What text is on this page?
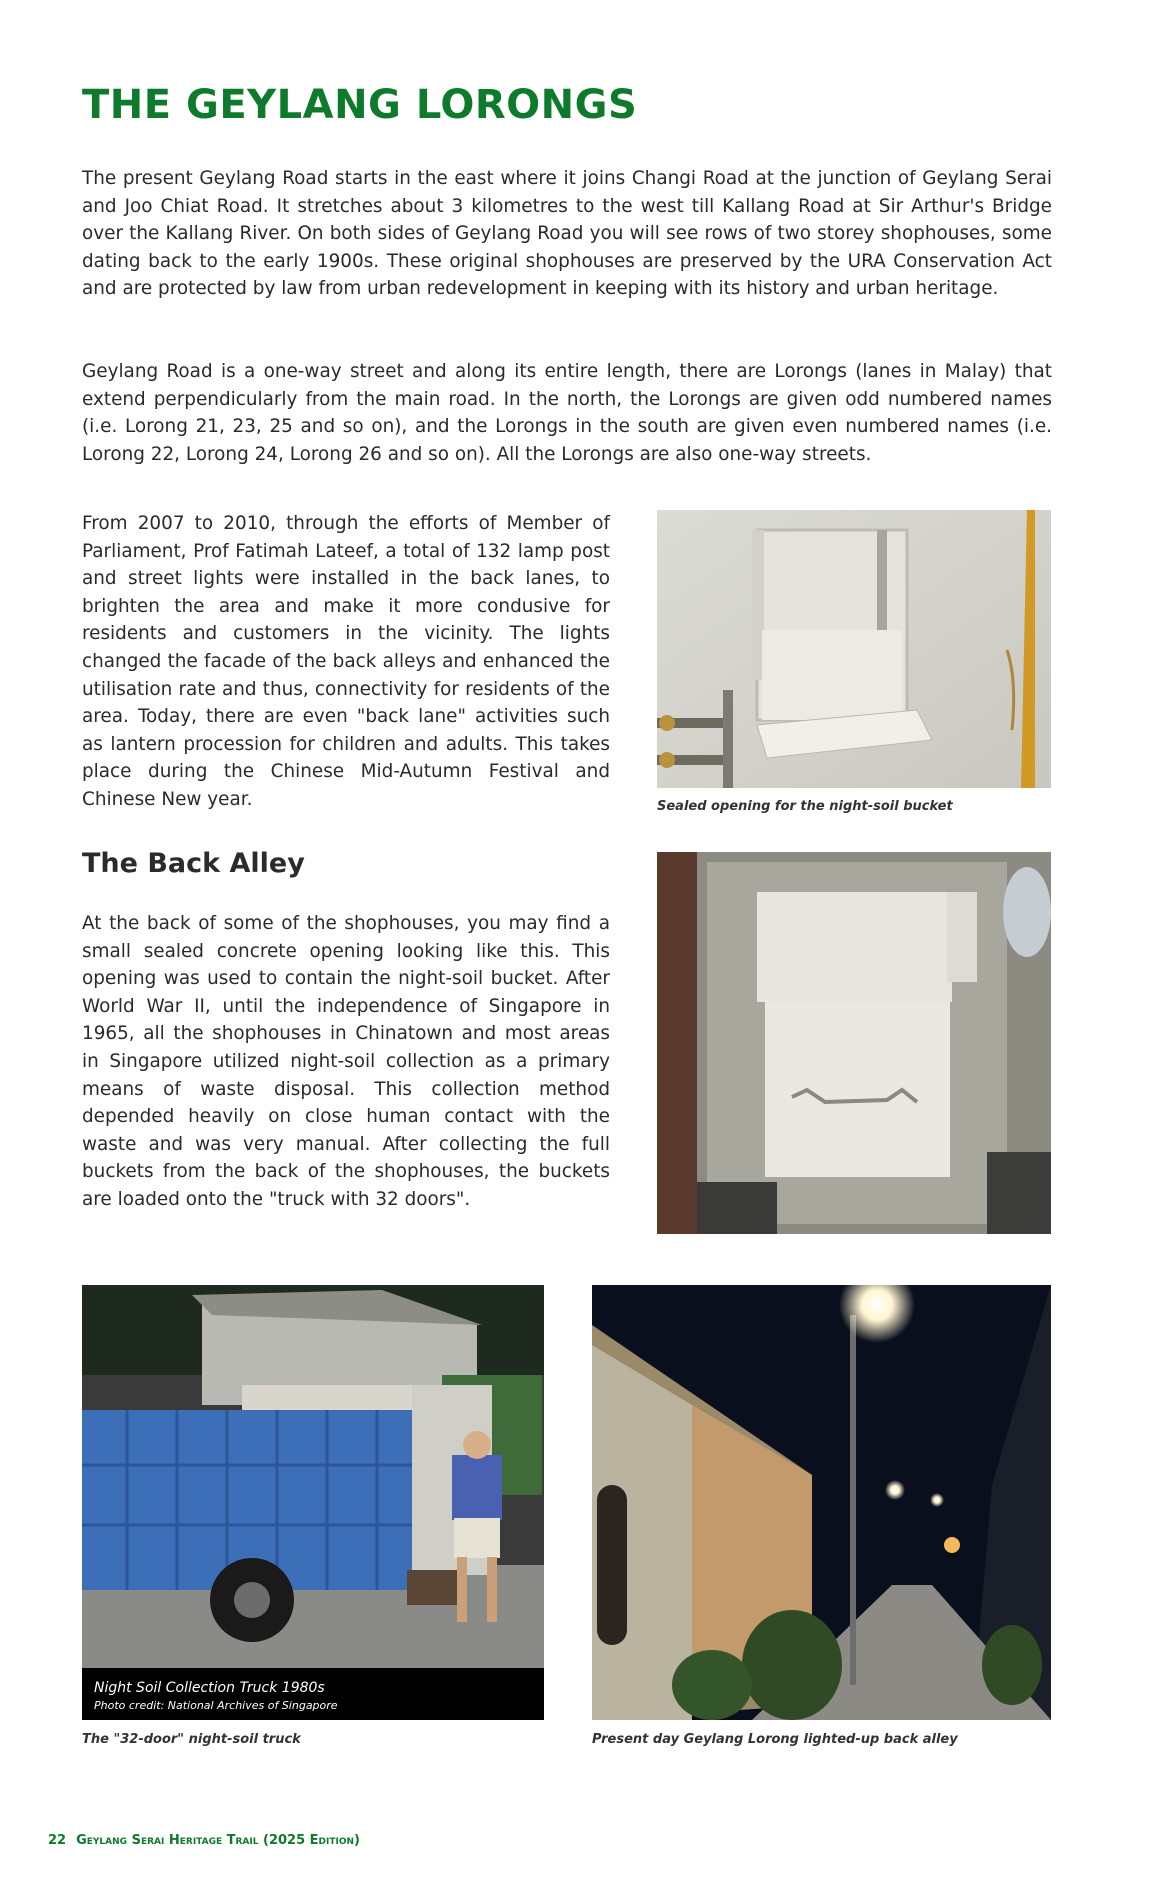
THE GEYLANG LORONGS

The present Geylang Road starts in the east where it joins Changi Road at the junction of Geylang Serai and Joo Chiat Road. It stretches about 3 kilometres to the west till Kallang Road at Sir Arthur's Bridge over the Kallang River. On both sides of Geylang Road you will see rows of two storey shophouses, some dating back to the early 1900s. These original shophouses are preserved by the URA Conservation Act and are protected by law from urban redevelopment in keeping with its history and urban heritage.

Geylang Road is a one-way street and along its entire length, there are Lorongs (lanes in Malay) that extend perpendicularly from the main road. In the north, the Lorongs are given odd numbered names (i.e. Lorong 21, 23, 25 and so on), and the Lorongs in the south are given even numbered names (i.e. Lorong 22, Lorong 24, Lorong 26 and so on). All the Lorongs are also one-way streets.

From 2007 to 2010, through the efforts of Member of Parliament, Prof Fatimah Lateef, a total of 132 lamp post and street lights were installed in the back lanes, to brighten the area and make it more condusive for residents and customers in the vicinity. The lights changed the facade of the back alleys and enhanced the utilisation rate and thus, connectivity for residents of the area. Today, there are even "back lane" activities such as lantern procession for children and adults. This takes place during the Chinese Mid-Autumn Festival and Chinese New year.

The Back Alley

At the back of some of the shophouses, you may find a small sealed concrete opening looking like this. This opening was used to contain the night-soil bucket. After World War II, until the independence of Singapore in 1965, all the shophouses in Chinatown and most areas in Singapore utilized night-soil collection as a primary means of waste disposal. This collection method depended heavily on close human contact with the waste and was very manual. After collecting the full buckets from the back of the shophouses, the buckets are loaded onto the "truck with 32 doors".

Sealed opening for the night-soil bucket

Night Soil Collection Truck 1980s
Photo credit: National Archives of Singapore

The "32-door" night-soil truck	Present day Geylang Lorong lighted-up back alley

22 Geylang Serai Heritage Trail (2025 Edition)
